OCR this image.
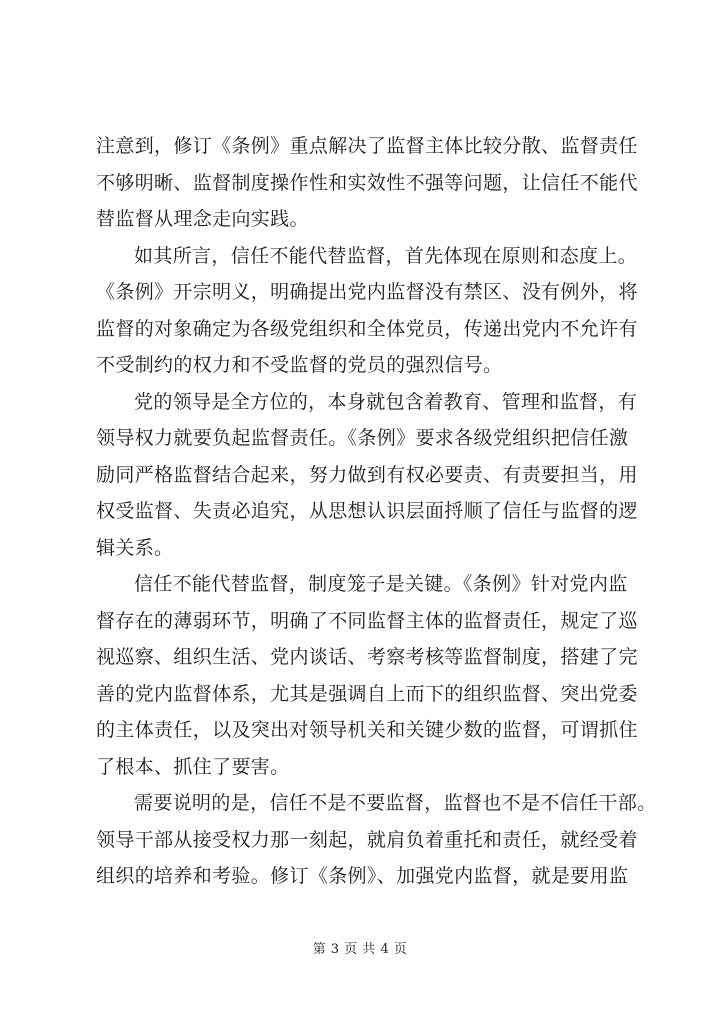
注意到，修订《条例》重点解决了监督主体比较分散、监督责任
不够明晰、监督制度操作性和实效性不强等问题，让信任不能代
替监督从理念走向实践。
如其所言，信任不能代替监督，首先体现在原则和态度上。
《条例》开宗明义，明确提出党内监督没有禁区、没有例外，将
监督的对象确定为各级党组织和全体党员，传递出党内不允许有
不受制约的权力和不受监督的党员的强烈信号。
党的领导是全方位的，本身就包含着教育、管理和监督，有
领导权力就要负起监督责任。《条例》要求各级党组织把信任激
励同严格监督结合起来，努力做到有权必要责、有责要担当，用
权受监督、失责必追究，从思想认识层面捋顺了信任与监督的逻
辑关系。
信任不能代替监督，制度笼子是关键。《条例》针对党内监
督存在的薄弱环节，明确了不同监督主体的监督责任，规定了巡
视巡察、组织生活、党内谈话、考察考核等监督制度，搭建了完
善的党内监督体系，尤其是强调自上而下的组织监督、突出党委
的主体责任，以及突出对领导机关和关键少数的监督，可谓抓住
了根本、抓住了要害。
需要说明的是，信任不是不要监督，监督也不是不信任干部。
领导干部从接受权力那一刻起，就肩负着重托和责任，就经受着
组织的培养和考验。修订《条例》、加强党内监督，就是要用监
第 3 页 共 4 页
